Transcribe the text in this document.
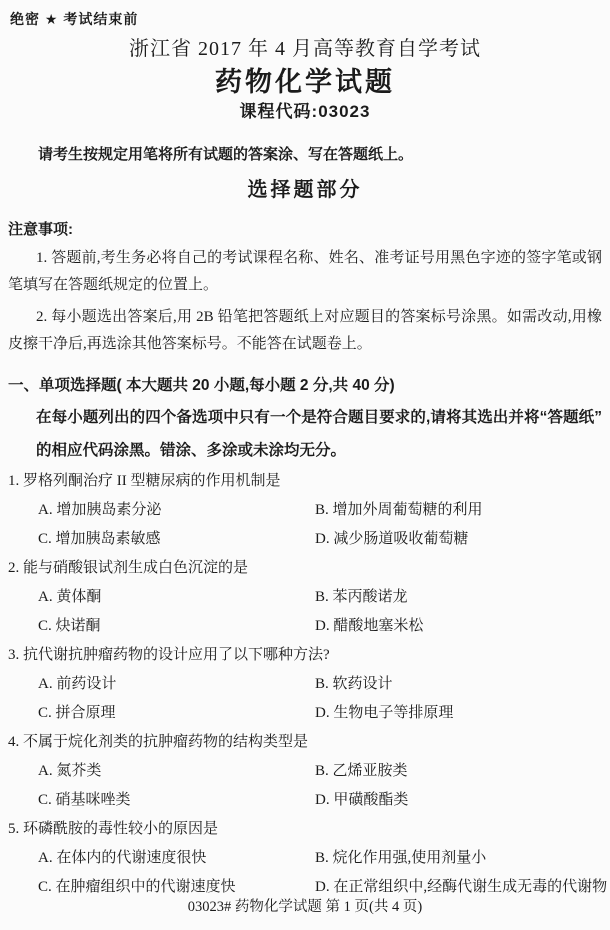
绝密 ★ 考试结束前
浙江省 2017 年 4 月高等教育自学考试
药物化学试题
课程代码:03023
请考生按规定用笔将所有试题的答案涂、写在答题纸上。
选择题部分
注意事项:

1. 答题前,考生务必将自己的考试课程名称、姓名、准考证号用黑色字迹的签字笔或钢笔填写在答题纸规定的位置上。

2. 每小题选出答案后,用 2B 铅笔把答题纸上对应题目的答案标号涂黑。如需改动,用橡皮擦干净后,再选涂其他答案标号。不能答在试题卷上。

一、单项选择题( 本大题共 20 小题,每小题 2 分,共 40 分)
在每小题列出的四个备选项中只有一个是符合题目要求的,请将其选出并将“答题纸”的相应代码涂黑。错涂、多涂或未涂均无分。
1. 罗格列酮治疗 II 型糖尿病的作用机制是
A. 增加胰岛素分泌	B. 增加外周葡萄糖的利用
C. 增加胰岛素敏感	D. 减少肠道吸收葡萄糖
2. 能与硝酸银试剂生成白色沉淀的是
A. 黄体酮	B. 苯丙酸诺龙
C. 炔诺酮	D. 醋酸地塞米松
3. 抗代谢抗肿瘤药物的设计应用了以下哪种方法?
A. 前药设计	B. 软药设计
C. 拼合原理	D. 生物电子等排原理
4. 不属于烷化剂类的抗肿瘤药物的结构类型是
A. 氮芥类	B. 乙烯亚胺类
C. 硝基咪唑类	D. 甲磺酸酯类
5. 环磷酰胺的毒性较小的原因是
A. 在体内的代谢速度很快	B. 烷化作用强,使用剂量小
C. 在肿瘤组织中的代谢速度快	D. 在正常组织中,经酶代谢生成无毒的代谢物
03023# 药物化学试题 第 1 页(共 4 页)
